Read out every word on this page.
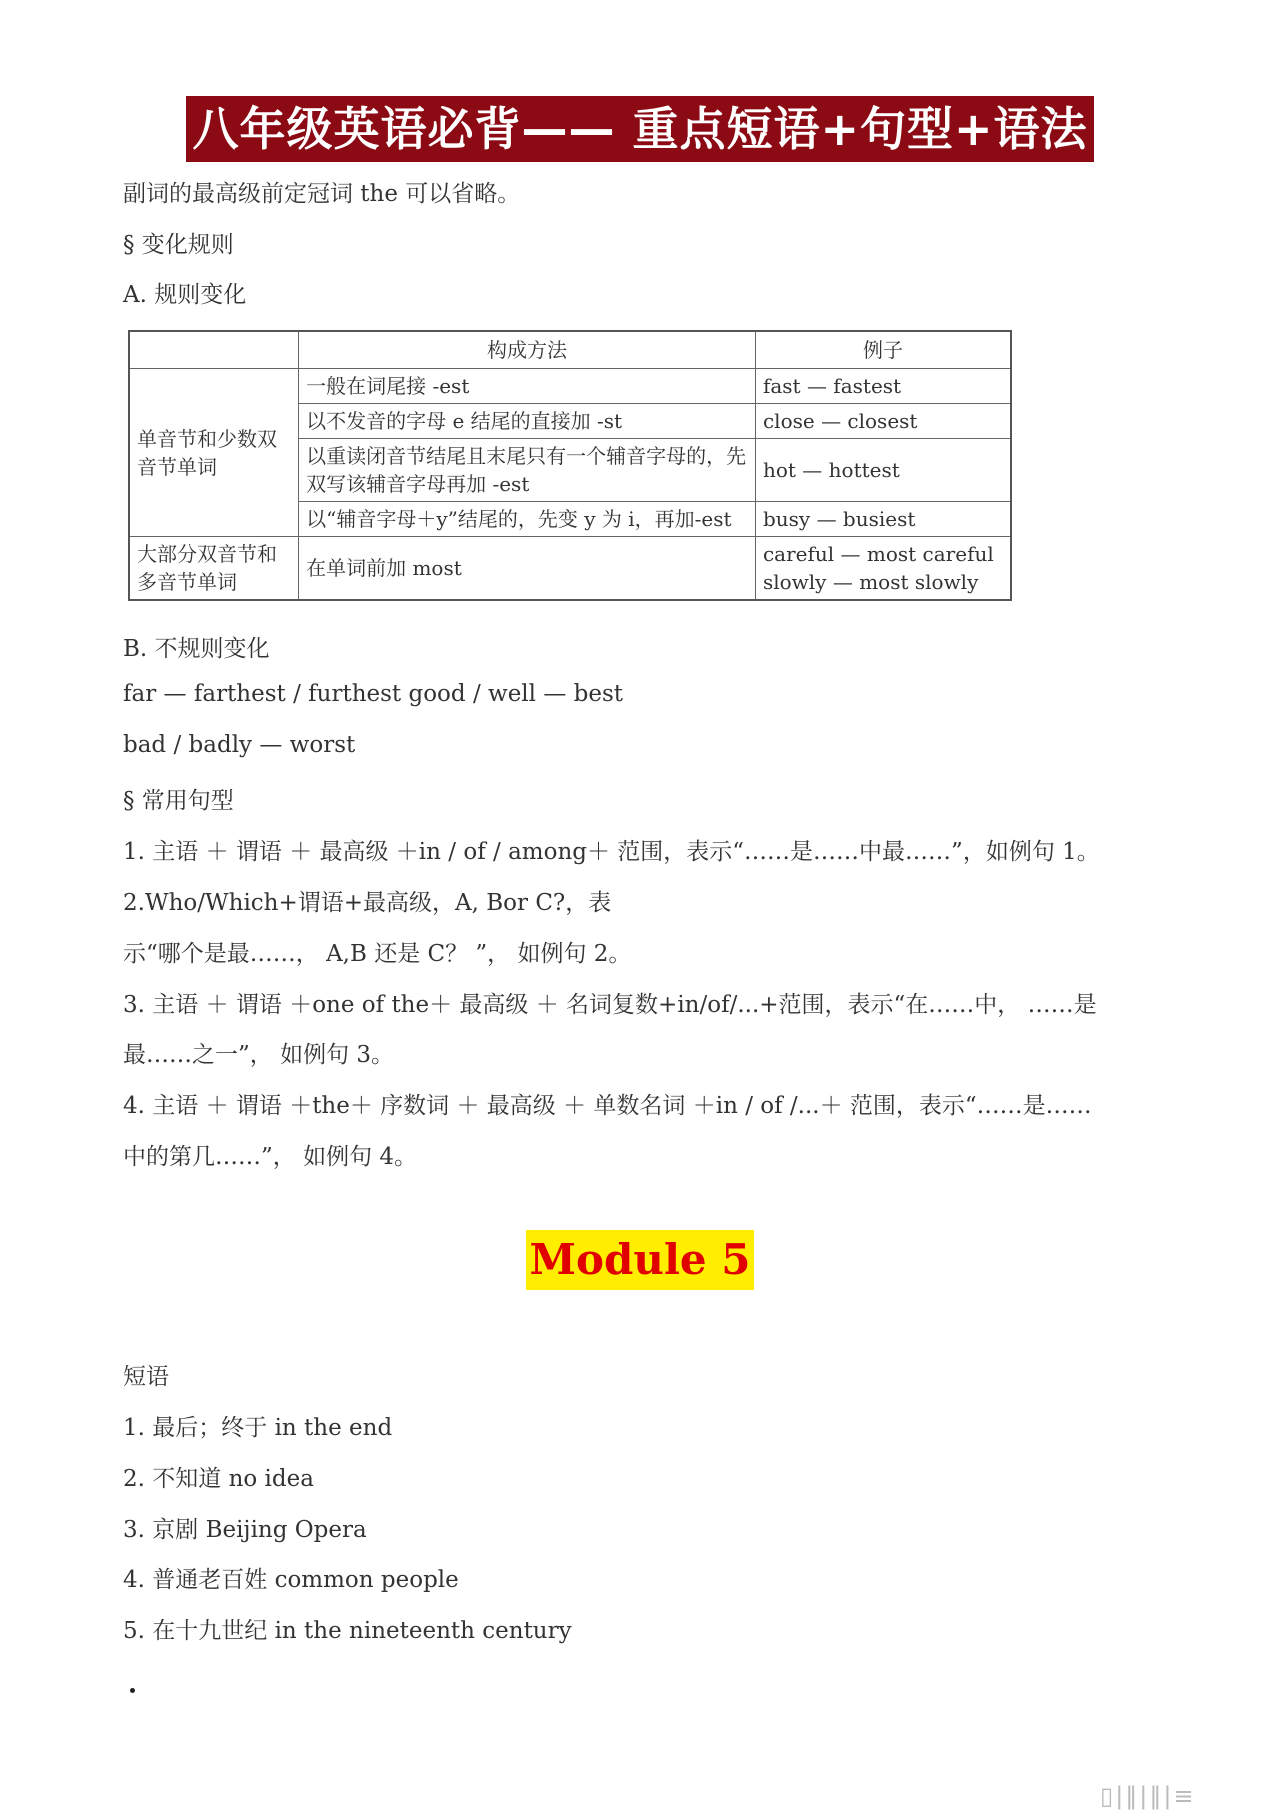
八年级英语必背—— 重点短语+句型+语法
副词的最高级前定冠词 the 可以省略。
§ 变化规则
A. 规则变化
	构成方法	例子
单音节和少数双音节单词	一般在词尾接 -est	fast — fastest
	以不发音的字母 e 结尾的直接加 -st	close — closest
	以重读闭音节结尾且末尾只有一个辅音字母的，先双写该辅音字母再加 -est	hot — hottest
	以“辅音字母＋y”结尾的，先变 y 为 i，再加-est	busy — busiest
大部分双音节和多音节单词	在单词前加 most	careful — most careful
slowly — most slowly
B. 不规则变化
far — farthest / furthest good / well — best
bad / badly — worst
§ 常用句型
1. 主语 ＋ 谓语 ＋ 最高级 ＋in / of / among＋ 范围，表示“……是……中最……”，如例句 1。
2.Who/Which+谓语+最高级，A, Bor C?，表
示“哪个是最……， A,B 还是 C？ ”， 如例句 2。
3. 主语 ＋ 谓语 ＋one of the＋ 最高级 ＋ 名词复数+in/of/...+范围，表示“在……中， ……是
最……之一”， 如例句 3。
4. 主语 ＋ 谓语 ＋the＋ 序数词 ＋ 最高级 ＋ 单数名词 ＋in / of /...＋ 范围，表示“……是……
中的第几……”， 如例句 4。
Module 5
短语
1. 最后；终于 in the end
2. 不知道 no idea
3. 京剧 Beijing Opera
4. 普通老百姓 common people
5. 在十九世纪 in the nineteenth century
▯|‖|‖|≡
